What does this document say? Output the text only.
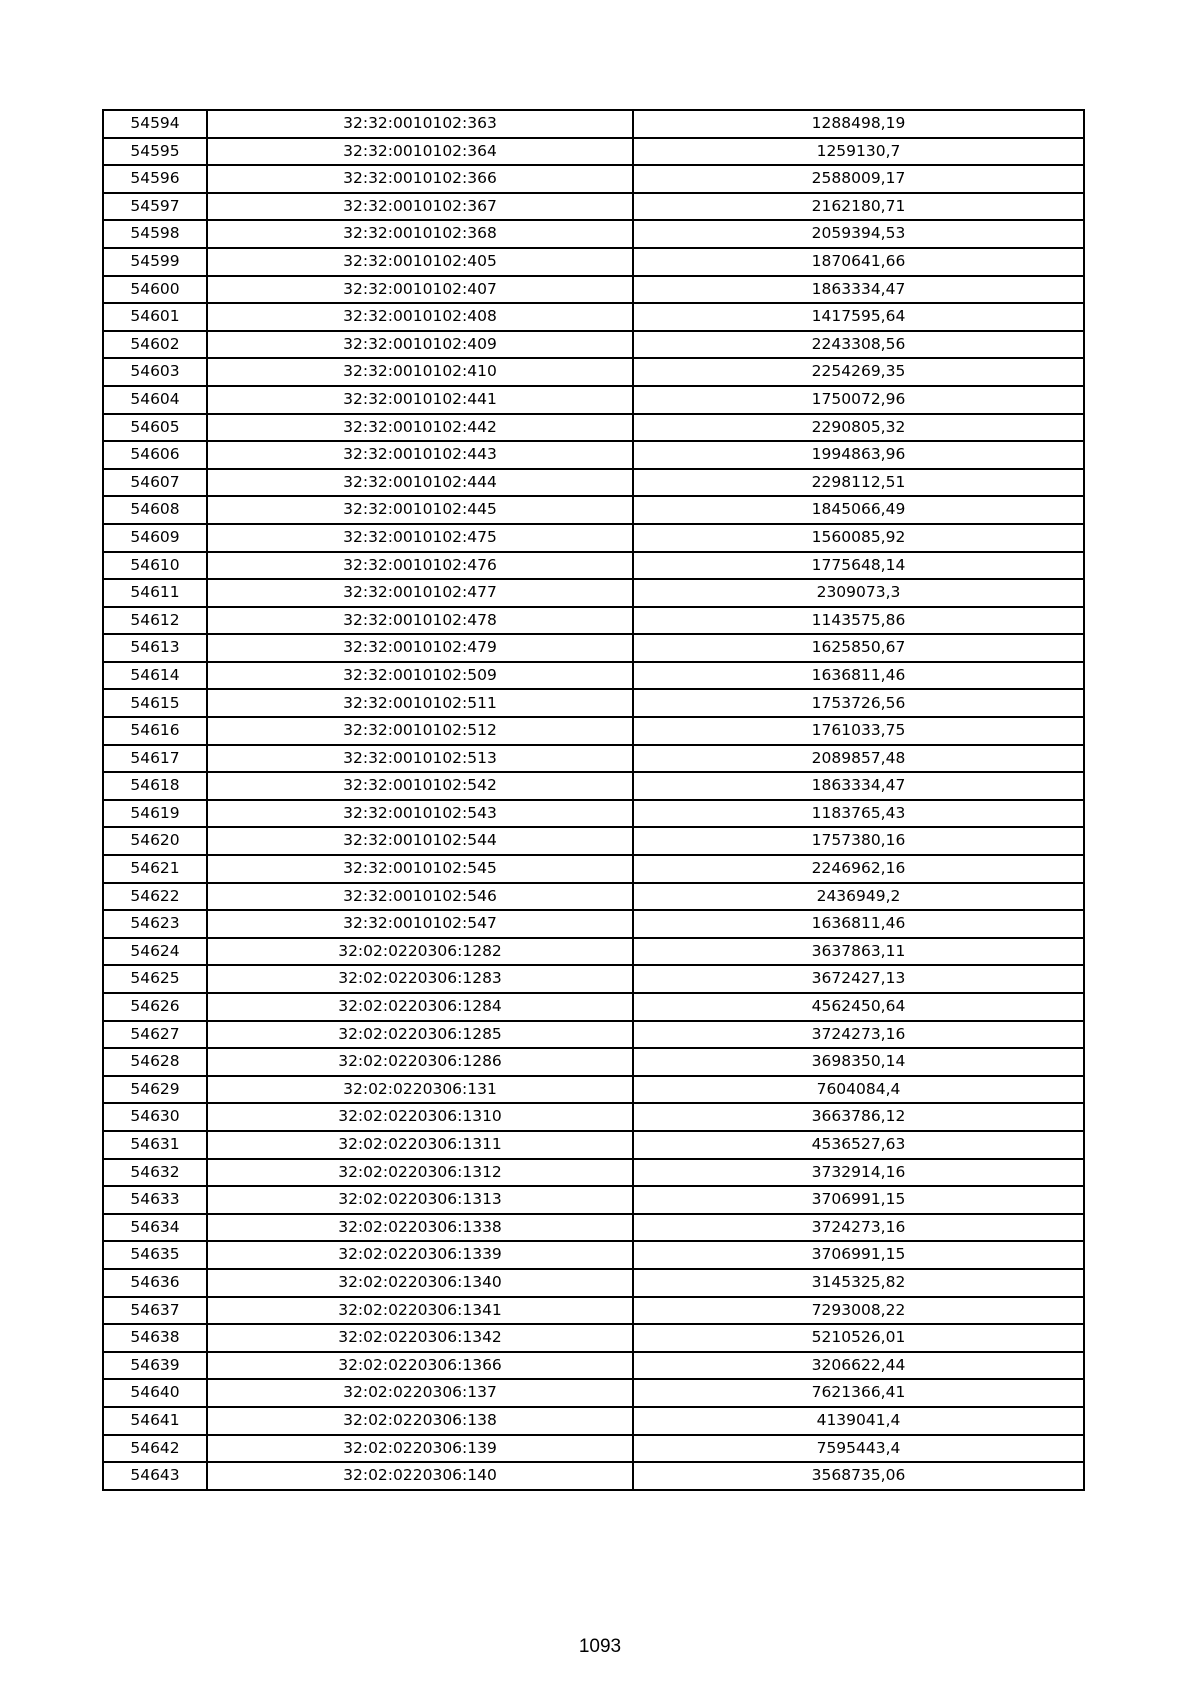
54594	32:32:0010102:363	1288498,19
54595	32:32:0010102:364	1259130,7
54596	32:32:0010102:366	2588009,17
54597	32:32:0010102:367	2162180,71
54598	32:32:0010102:368	2059394,53
54599	32:32:0010102:405	1870641,66
54600	32:32:0010102:407	1863334,47
54601	32:32:0010102:408	1417595,64
54602	32:32:0010102:409	2243308,56
54603	32:32:0010102:410	2254269,35
54604	32:32:0010102:441	1750072,96
54605	32:32:0010102:442	2290805,32
54606	32:32:0010102:443	1994863,96
54607	32:32:0010102:444	2298112,51
54608	32:32:0010102:445	1845066,49
54609	32:32:0010102:475	1560085,92
54610	32:32:0010102:476	1775648,14
54611	32:32:0010102:477	2309073,3
54612	32:32:0010102:478	1143575,86
54613	32:32:0010102:479	1625850,67
54614	32:32:0010102:509	1636811,46
54615	32:32:0010102:511	1753726,56
54616	32:32:0010102:512	1761033,75
54617	32:32:0010102:513	2089857,48
54618	32:32:0010102:542	1863334,47
54619	32:32:0010102:543	1183765,43
54620	32:32:0010102:544	1757380,16
54621	32:32:0010102:545	2246962,16
54622	32:32:0010102:546	2436949,2
54623	32:32:0010102:547	1636811,46
54624	32:02:0220306:1282	3637863,11
54625	32:02:0220306:1283	3672427,13
54626	32:02:0220306:1284	4562450,64
54627	32:02:0220306:1285	3724273,16
54628	32:02:0220306:1286	3698350,14
54629	32:02:0220306:131	7604084,4
54630	32:02:0220306:1310	3663786,12
54631	32:02:0220306:1311	4536527,63
54632	32:02:0220306:1312	3732914,16
54633	32:02:0220306:1313	3706991,15
54634	32:02:0220306:1338	3724273,16
54635	32:02:0220306:1339	3706991,15
54636	32:02:0220306:1340	3145325,82
54637	32:02:0220306:1341	7293008,22
54638	32:02:0220306:1342	5210526,01
54639	32:02:0220306:1366	3206622,44
54640	32:02:0220306:137	7621366,41
54641	32:02:0220306:138	4139041,4
54642	32:02:0220306:139	7595443,4
54643	32:02:0220306:140	3568735,06
1093
